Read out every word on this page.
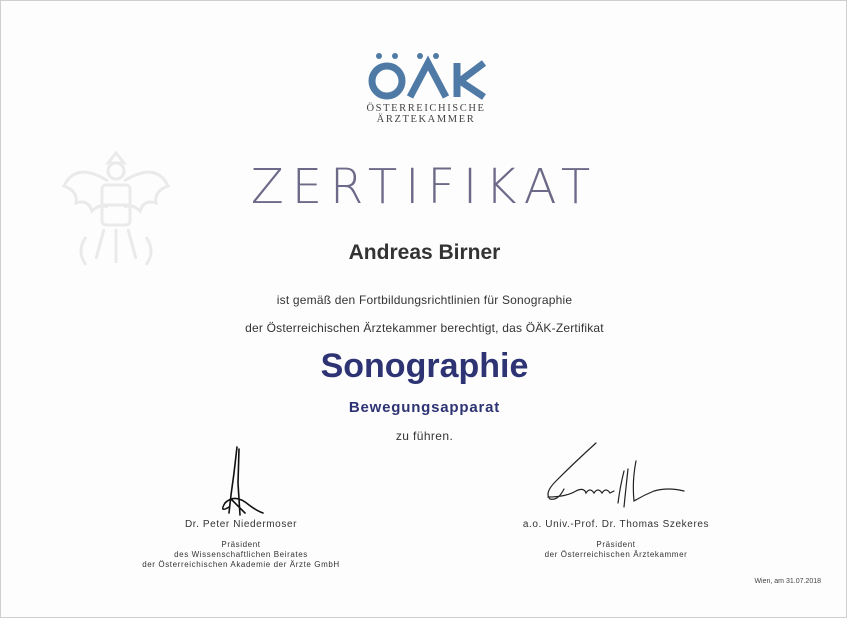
ÖSTERREICHISCHE
ÄRZTEKAMMER
ZERTIFIKAT
Andreas Birner
ist gemäß den Fortbildungsrichtlinien für Sonographie
der Österreichischen Ärztekammer berechtigt, das ÖÄK-Zertifikat
Sonographie
Bewegungsapparat
zu führen.
Dr. Peter Niedermoser
Präsident
des Wissenschaftlichen Beirates
der Österreichischen Akademie der Ärzte GmbH
a.o. Univ.-Prof. Dr. Thomas Szekeres
Präsident
der Österreichischen Ärztekammer
Wien, am 31.07.2018
